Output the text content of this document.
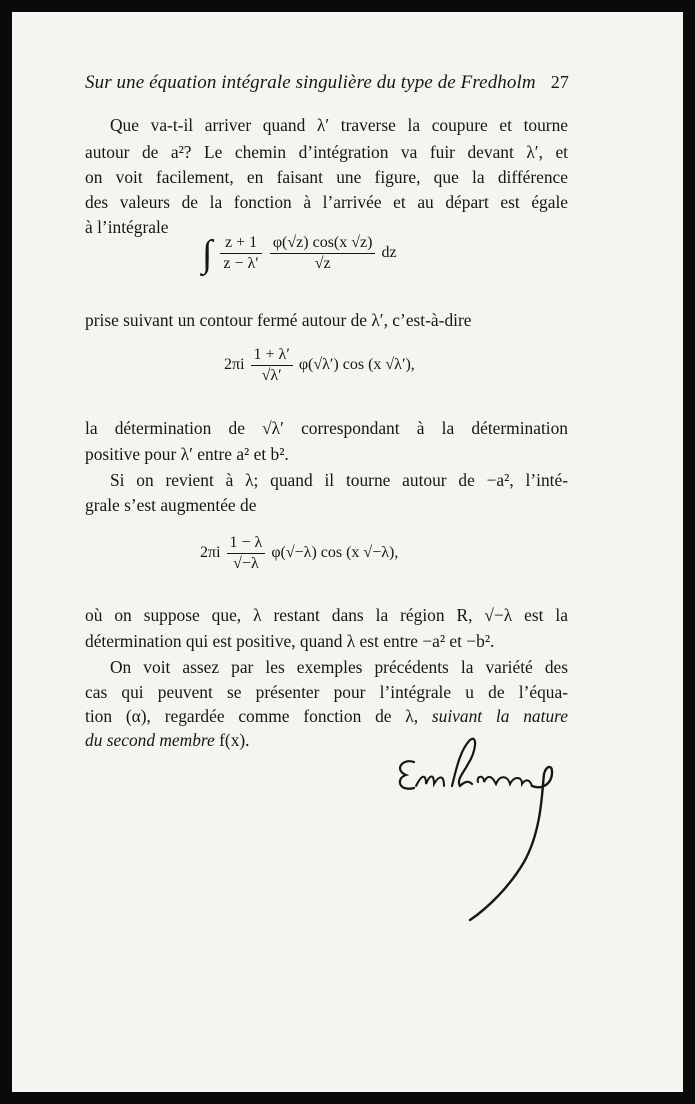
Sur une équation intégrale singulière du type de Fredholm 27
Que va-t-il arriver quand λ′ traverse la coupure et tourne
autour de a²? Le chemin d’intégration va fuir devant λ′, et
on voit facilement, en faisant une figure, que la différence
des valeurs de la fonction à l’arrivée et au départ est égale
à l’intégrale
∫ $\frac{z + 1}{z - \lambda'}$
$\frac{\varphi(√z) \cos(x √z)}{√z}$ dz
prise suivant un contour fermé autour de λ′, c’est-à-dire
$2\pi i \frac{1 + \lambda'}{√\lambda'} \varphi(√\lambda')$ cos (x √λ′),
la détermination de √λ′ correspondant à la détermination
positive pour λ′ entre a² et b².
Si on revient à λ; quand il tourne autour de −a², l’inté-
grale s’est augmentée de
$2\pi i \frac{1 - \lambda}{√-\lambda} \varphi(√-\lambda)$ cos (x √−λ),
où on suppose que, λ restant dans la région R, √−λ est la
détermination qui est positive, quand λ est entre −a² et −b².
On voit assez par les exemples précédents la variété des
cas qui peuvent se présenter pour l’intégrale u de l’équa-
tion (α), regardée comme fonction de λ, suivant la nature
du second membre f(x).
